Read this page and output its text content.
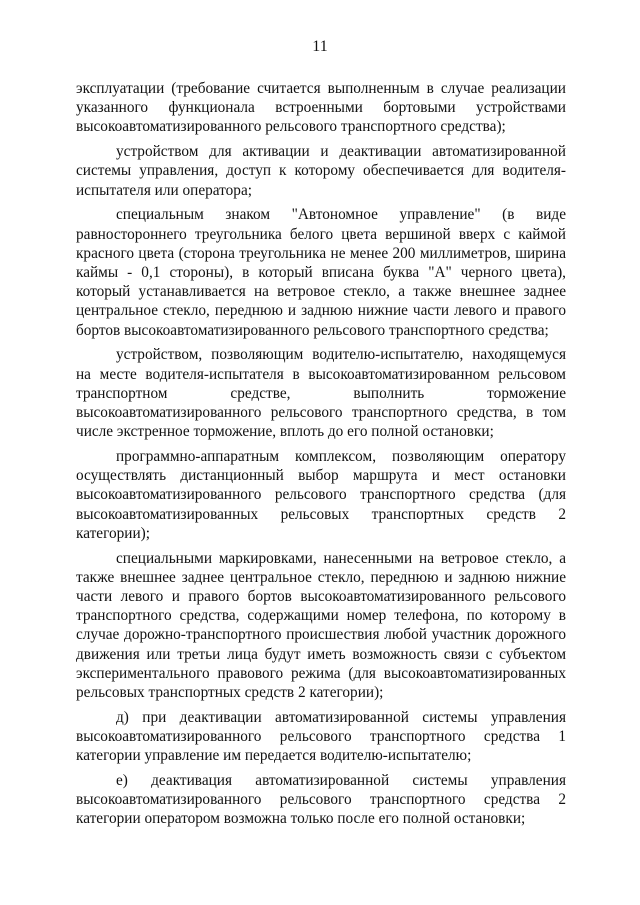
11

эксплуатации (требование считается выполненным в случае реализации указанного функционала встроенными бортовыми устройствами высокоавтоматизированного рельсового транспортного средства);

устройством для активации и деактивации автоматизированной системы управления, доступ к которому обеспечивается для водителя-испытателя или оператора;

специальным знаком "Автономное управление" (в виде равностороннего треугольника белого цвета вершиной вверх с каймой красного цвета (сторона треугольника не менее 200 миллиметров, ширина каймы - 0,1 стороны), в который вписана буква "А" черного цвета), который устанавливается на ветровое стекло, а также внешнее заднее центральное стекло, переднюю и заднюю нижние части левого и правого бортов высокоавтоматизированного рельсового транспортного средства;

устройством, позволяющим водителю-испытателю, находящемуся на месте водителя-испытателя в высокоавтоматизированном рельсовом транспортном средстве, выполнить торможение высокоавтоматизированного рельсового транспортного средства, в том числе экстренное торможение, вплоть до его полной остановки;

программно-аппаратным комплексом, позволяющим оператору осуществлять дистанционный выбор маршрута и мест остановки высокоавтоматизированного рельсового транспортного средства (для высокоавтоматизированных рельсовых транспортных средств 2 категории);

специальными маркировками, нанесенными на ветровое стекло, а также внешнее заднее центральное стекло, переднюю и заднюю нижние части левого и правого бортов высокоавтоматизированного рельсового транспортного средства, содержащими номер телефона, по которому в случае дорожно-транспортного происшествия любой участник дорожного движения или третьи лица будут иметь возможность связи с субъектом экспериментального правового режима (для высокоавтоматизированных рельсовых транспортных средств 2 категории);

д) при деактивации автоматизированной системы управления высокоавтоматизированного рельсового транспортного средства 1 категории управление им передается водителю-испытателю;

е) деактивация автоматизированной системы управления высокоавтоматизированного рельсового транспортного средства 2 категории оператором возможна только после его полной остановки;
